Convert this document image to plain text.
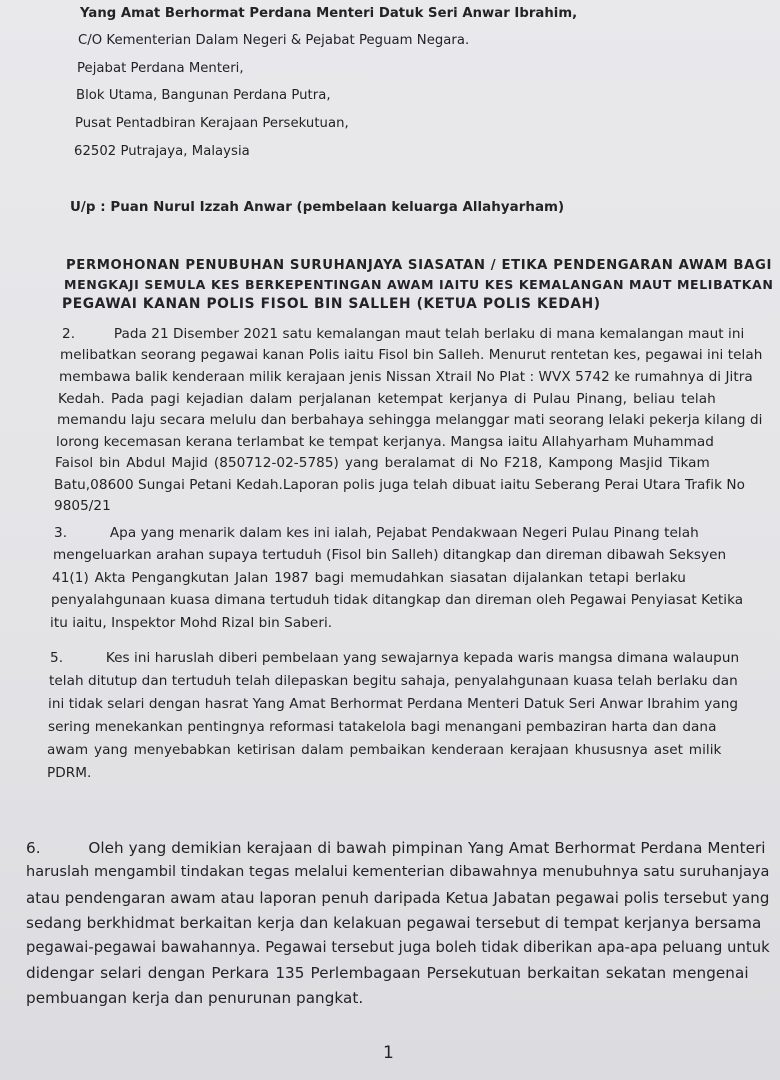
Yang Amat Berhormat Perdana Menteri Datuk Seri Anwar Ibrahim,
C/O Kementerian Dalam Negeri & Pejabat Peguam Negara.
Pejabat Perdana Menteri,
Blok Utama, Bangunan Perdana Putra,
Pusat Pentadbiran Kerajaan Persekutuan,
62502 Putrajaya, Malaysia
U/p : Puan Nurul Izzah Anwar (pembelaan keluarga Allahyarham)
PERMOHONAN PENUBUHAN SURUHANJAYA SIASATAN / ETIKA PENDENGARAN AWAM BAGI
MENGKAJI SEMULA KES BERKEPENTINGAN AWAM IAITU KES KEMALANGAN MAUT MELIBATKAN
PEGAWAI KANAN POLIS FISOL BIN SALLEH (KETUA POLIS KEDAH)
2.	Pada 21 Disember 2021 satu kemalangan maut telah berlaku di mana kemalangan maut ini
melibatkan seorang pegawai kanan Polis iaitu Fisol bin Salleh. Menurut rentetan kes, pegawai ini telah
membawa balik kenderaan milik kerajaan jenis Nissan Xtrail No Plat : WVX 5742 ke rumahnya di Jitra
Kedah. Pada pagi kejadian dalam perjalanan ketempat kerjanya di Pulau Pinang, beliau telah
memandu laju secara melulu dan berbahaya sehingga melanggar mati seorang lelaki pekerja kilang di
lorong kecemasan kerana terlambat ke tempat kerjanya. Mangsa iaitu Allahyarham Muhammad
Faisol bin Abdul Majid (850712-02-5785) yang beralamat di No F218, Kampong Masjid Tikam
Batu,08600 Sungai Petani Kedah.Laporan polis juga telah dibuat iaitu Seberang Perai Utara Trafik No
9805/21
3.	Apa yang menarik dalam kes ini ialah, Pejabat Pendakwaan Negeri Pulau Pinang telah
mengeluarkan arahan supaya tertuduh (Fisol bin Salleh) ditangkap dan direman dibawah Seksyen
41(1) Akta Pengangkutan Jalan 1987 bagi memudahkan siasatan dijalankan tetapi berlaku
penyalahgunaan kuasa dimana tertuduh tidak ditangkap dan direman oleh Pegawai Penyiasat Ketika
itu iaitu, Inspektor Mohd Rizal bin Saberi.
5.	Kes ini haruslah diberi pembelaan yang sewajarnya kepada waris mangsa dimana walaupun
telah ditutup dan tertuduh telah dilepaskan begitu sahaja, penyalahgunaan kuasa telah berlaku dan
ini tidak selari dengan hasrat Yang Amat Berhormat Perdana Menteri Datuk Seri Anwar Ibrahim yang
sering menekankan pentingnya reformasi tatakelola bagi menangani pembaziran harta dan dana
awam yang menyebabkan ketirisan dalam pembaikan kenderaan kerajaan khususnya aset milik
PDRM.
6.	Oleh yang demikian kerajaan di bawah pimpinan Yang Amat Berhormat Perdana Menteri
haruslah mengambil tindakan tegas melalui kementerian dibawahnya menubuhnya satu suruhanjaya
atau pendengaran awam atau laporan penuh daripada Ketua Jabatan pegawai polis tersebut yang
sedang berkhidmat berkaitan kerja dan kelakuan pegawai tersebut di tempat kerjanya bersama
pegawai-pegawai bawahannya. Pegawai tersebut juga boleh tidak diberikan apa-apa peluang untuk
didengar selari dengan Perkara 135 Perlembagaan Persekutuan berkaitan sekatan mengenai
pembuangan kerja dan penurunan pangkat.
1
